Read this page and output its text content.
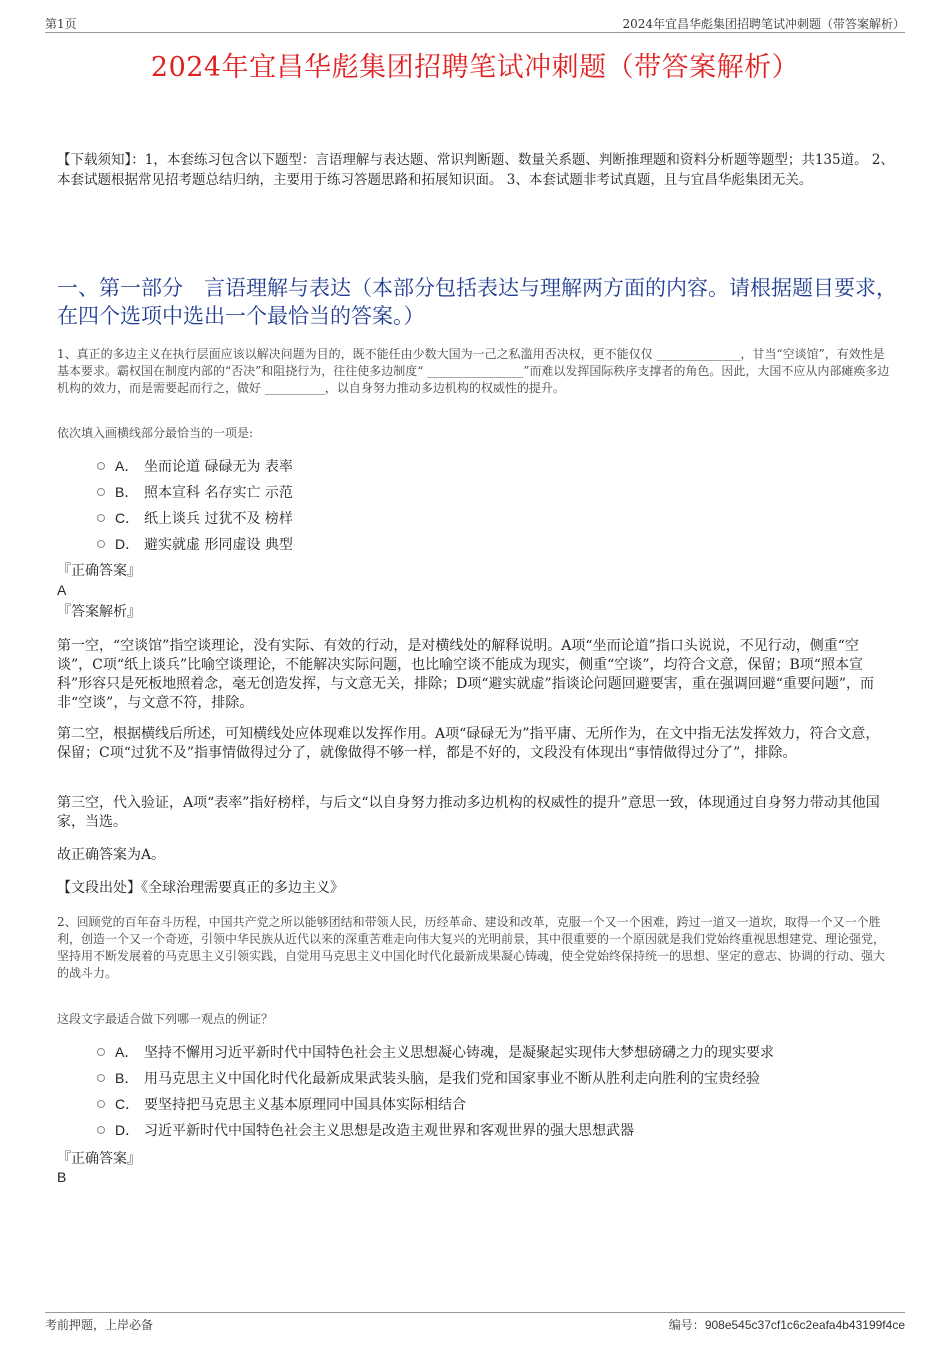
第1页	2024年宜昌华彪集团招聘笔试冲刺题（带答案解析）
2024年宜昌华彪集团招聘笔试冲刺题（带答案解析）
【下载须知】：1，本套练习包含以下题型：言语理解与表达题、常识判断题、数量关系题、判断推理题和资料分析题等题型；共135道。 2、本套试题根据常见招考题总结归纳，主要用于练习答题思路和拓展知识面。 3、本套试题非考试真题，且与宜昌华彪集团无关。
一、第一部分　言语理解与表达（本部分包括表达与理解两方面的内容。请根据题目要求，在四个选项中选出一个最恰当的答案。）
1、真正的多边主义在执行层面应该以解决问题为目的，既不能任由少数大国为一己之私滥用否决权，更不能仅仅 ______________，甘当“空谈馆”，有效性是基本要求。霸权国在制度内部的“否决”和阻挠行为，往往使多边制度“ ________________”而难以发挥国际秩序支撑者的角色。因此，大国不应从内部瘫痪多边机构的效力，而是需要起而行之，做好 __________，以自身努力推动多边机构的权威性的提升。
依次填入画横线部分最恰当的一项是:
A． 坐而论道 碌碌无为 表率
B． 照本宣科 名存实亡 示范
C． 纸上谈兵 过犹不及 榜样
D． 避实就虚 形同虚设 典型
『正确答案』
A
『答案解析』
第一空，“空谈馆”指空谈理论，没有实际、有效的行动，是对横线处的解释说明。A项“坐而论道”指口头说说，不见行动，侧重“空谈”，C项“纸上谈兵”比喻空谈理论，不能解决实际问题，也比喻空谈不能成为现实，侧重“空谈”，均符合文意，保留；B项“照本宣科”形容只是死板地照着念，毫无创造发挥，与文意无关，排除；D项“避实就虚”指谈论问题回避要害，重在强调回避“重要问题”，而非“空谈”，与文意不符，排除。
第二空，根据横线后所述，可知横线处应体现难以发挥作用。A项“碌碌无为”指平庸、无所作为，在文中指无法发挥效力，符合文意，保留；C项“过犹不及”指事情做得过分了，就像做得不够一样，都是不好的，文段没有体现出“事情做得过分了”，排除。
第三空，代入验证，A项“表率”指好榜样，与后文“以自身努力推动多边机构的权威性的提升”意思一致，体现通过自身努力带动其他国家，当选。
故正确答案为A。
【文段出处】《全球治理需要真正的多边主义》
2、回顾党的百年奋斗历程，中国共产党之所以能够团结和带领人民，历经革命、建设和改革，克服一个又一个困难，跨过一道又一道坎，取得一个又一个胜利，创造一个又一个奇迹，引领中华民族从近代以来的深重苦难走向伟大复兴的光明前景，其中很重要的一个原因就是我们党始终重视思想建党、理论强党，坚持用不断发展着的马克思主义引领实践，自觉用马克思主义中国化时代化最新成果凝心铸魂，使全党始终保持统一的思想、坚定的意志、协调的行动、强大的战斗力。
这段文字最适合做下列哪一观点的例证？
A． 坚持不懈用习近平新时代中国特色社会主义思想凝心铸魂，是凝聚起实现伟大梦想磅礴之力的现实要求
B． 用马克思主义中国化时代化最新成果武装头脑，是我们党和国家事业不断从胜利走向胜利的宝贵经验
C． 要坚持把马克思主义基本原理同中国具体实际相结合
D． 习近平新时代中国特色社会主义思想是改造主观世界和客观世界的强大思想武器
『正确答案』
B
考前押题，上岸必备	编号：908e545c37cf1c6c2eafa4b43199f4ce
